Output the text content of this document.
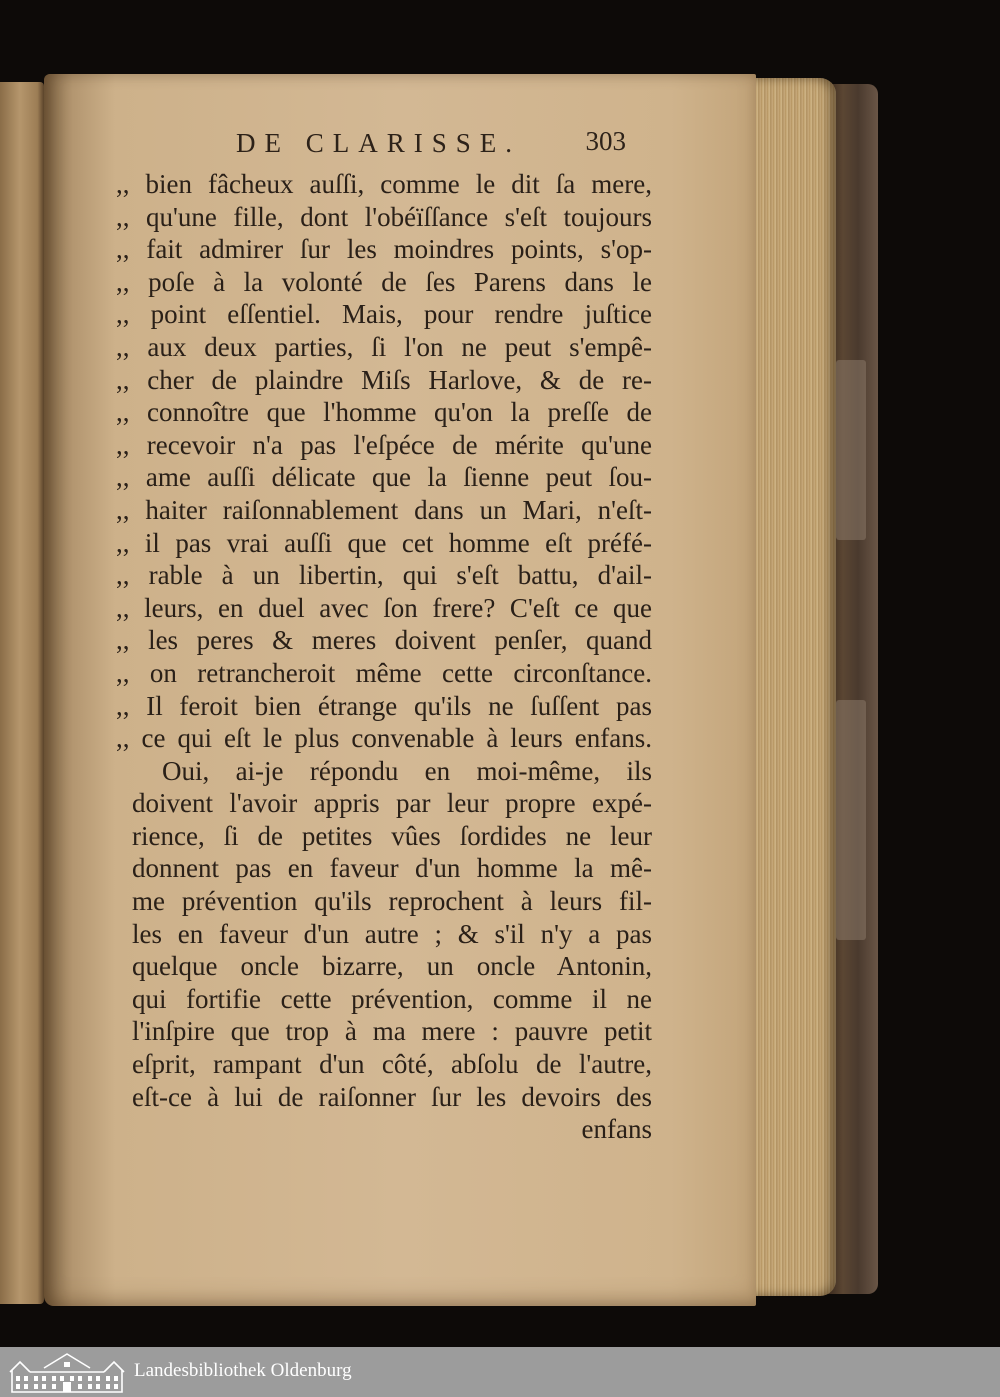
DE CLARISSE. 303
,, bien fâcheux auſſi, comme le dit ſa mere,
,, qu'une fille, dont l'obéïſſance s'eſt toujours
,, fait admirer ſur les moindres points, s'op-
,, poſe à la volonté de ſes Parens dans le
,, point eſſentiel. Mais, pour rendre juſtice
,, aux deux parties, ſi l'on ne peut s'empê-
,, cher de plaindre Miſs Harlove, & de re-
,, connoître que l'homme qu'on la preſſe de
,, recevoir n'a pas l'eſpéce de mérite qu'une
,, ame auſſi délicate que la ſienne peut ſou-
,, haiter raiſonnablement dans un Mari, n'eſt-
,, il pas vrai auſſi que cet homme eſt préfé-
,, rable à un libertin, qui s'eſt battu, d'ail-
,, leurs, en duel avec ſon frere? C'eſt ce que
,, les peres & meres doivent penſer, quand
,, on retrancheroit même cette circonſtance.
,, Il feroit bien étrange qu'ils ne ſuſſent pas
,, ce qui eſt le plus convenable à leurs enfans.
Oui, ai-je répondu en moi-même, ils
doivent l'avoir appris par leur propre expé-
rience, ſi de petites vûes ſordides ne leur
donnent pas en faveur d'un homme la mê-
me prévention qu'ils reprochent à leurs fil-
les en faveur d'un autre ; & s'il n'y a pas
quelque oncle bizarre, un oncle Antonin,
qui fortifie cette prévention, comme il ne
l'inſpire que trop à ma mere : pauvre petit
eſprit, rampant d'un côté, abſolu de l'autre,
eſt-ce à lui de raiſonner ſur les devoirs des
enfans
Landesbibliothek Oldenburg
